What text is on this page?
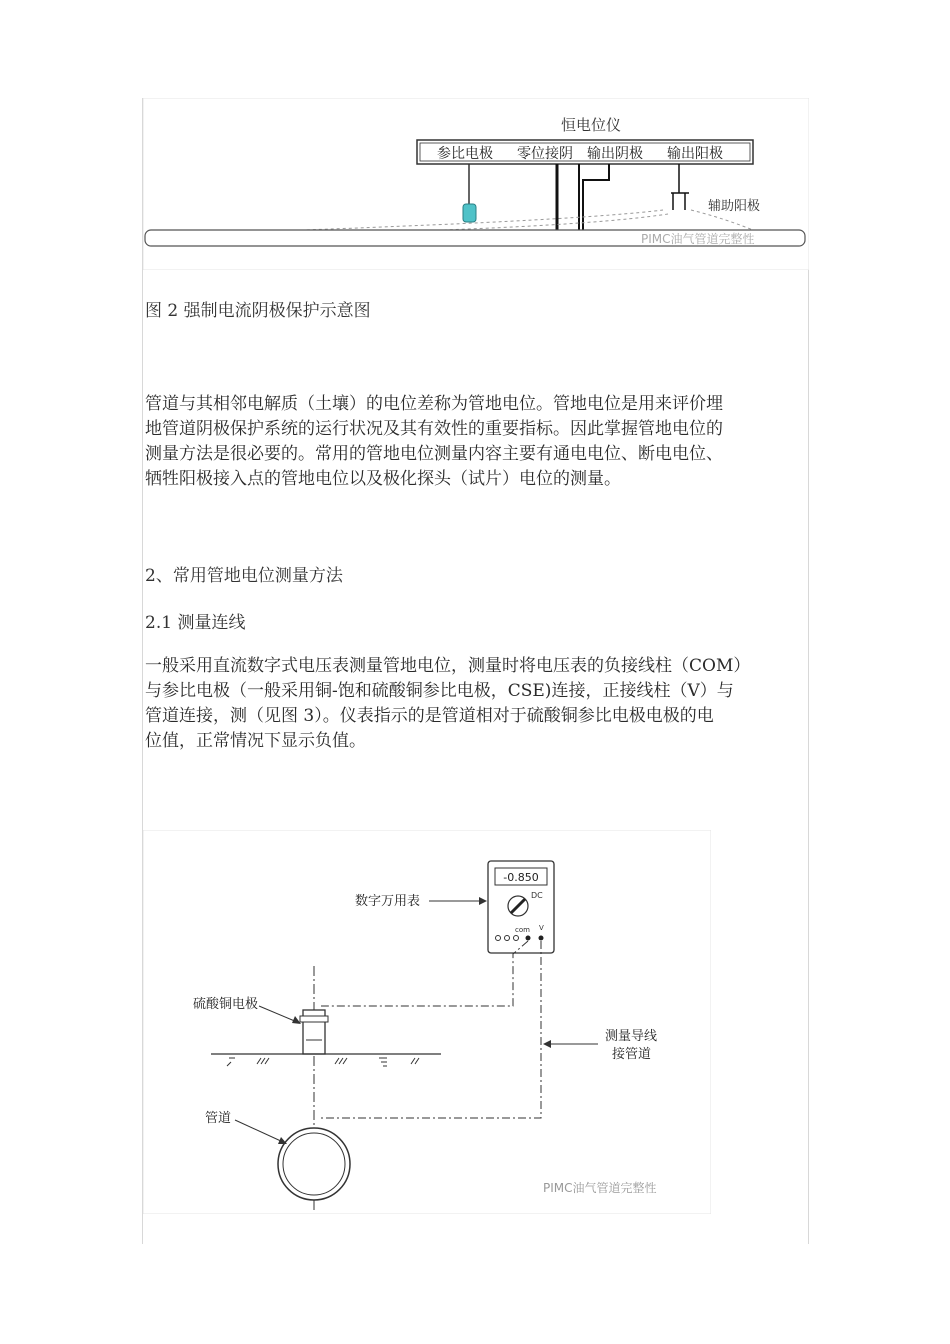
恒电位仪
参比电极 零位接阴 输出阴极 输出阳极
辅助阳极
PIMC油气管道完整性
图 2 强制电流阴极保护示意图
管道与其相邻电解质（土壤）的电位差称为管地电位。管地电位是用来评价埋
地管道阴极保护系统的运行状况及其有效性的重要指标。因此掌握管地电位的
测量方法是很必要的。常用的管地电位测量内容主要有通电电位、断电电位、
牺牲阳极接入点的管地电位以及极化探头（试片）电位的测量。
2、常用管地电位测量方法
2.1 测量连线
一般采用直流数字式电压表测量管地电位，测量时将电压表的负接线柱（COM）
与参比电极（一般采用铜-饱和硫酸铜参比电极，CSE)连接，正接线柱（V）与
管道连接，测（见图 3）。仪表指示的是管道相对于硫酸铜参比电极电极的电
位值，正常情况下显示负值。
-0.850
DC
com V
数字万用表
硫酸铜电极
测量导线
接管道
管道
PIMC油气管道完整性
